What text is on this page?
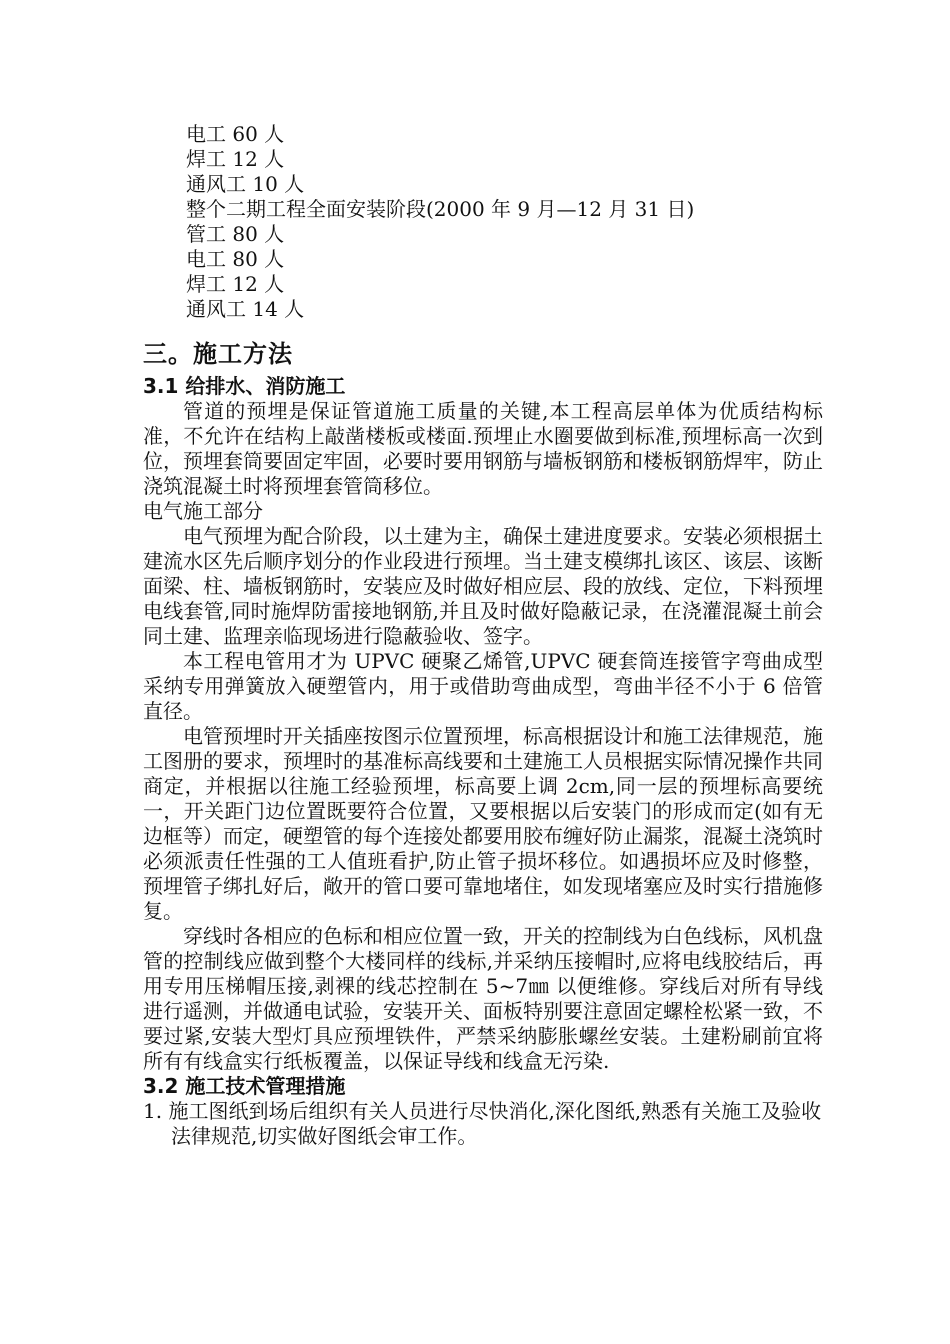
电工 60 人
焊工 12 人
通风工 10 人
整个二期工程全面安装阶段(2000 年 9 月—12 月 31 日)
管工 80 人
电工 80 人
焊工 12 人
通风工 14 人
三。施工方法
3.1 给排水、消防施工

管道的预埋是保证管道施工质量的关键,本工程高层单体为优质结构标准，不允许在结构上敲凿楼板或楼面.预埋止水圈要做到标准,预埋标高一次到位，预埋套筒要固定牢固，必要时要用钢筋与墙板钢筋和楼板钢筋焊牢，防止浇筑混凝土时将预埋套管筒移位。

电气施工部分

电气预埋为配合阶段，以土建为主，确保土建进度要求。安装必须根据土建流水区先后顺序划分的作业段进行预埋。当土建支模绑扎该区、该层、该断面梁、柱、墙板钢筋时，安装应及时做好相应层、段的放线、定位，下料预埋电线套管,同时施焊防雷接地钢筋,并且及时做好隐蔽记录，在浇灌混凝土前会同土建、监理亲临现场进行隐蔽验收、签字。

本工程电管用才为 UPVC 硬聚乙烯管,UPVC 硬套筒连接管字弯曲成型采纳专用弹簧放入硬塑管内，用于或借助弯曲成型，弯曲半径不小于 6 倍管直径。

电管预埋时开关插座按图示位置预埋，标高根据设计和施工法律规范，施工图册的要求，预埋时的基准标高线要和土建施工人员根据实际情况操作共同商定，并根据以往施工经验预埋，标高要上调 2cm,同一层的预埋标高要统一，开关距门边位置既要符合位置，又要根据以后安装门的形成而定(如有无边框等）而定，硬塑管的每个连接处都要用胶布缠好防止漏浆，混凝土浇筑时必须派责任性强的工人值班看护,防止管子损坏移位。如遇损坏应及时修整，预埋管子绑扎好后，敞开的管口要可靠地堵住，如发现堵塞应及时实行措施修复。

穿线时各相应的色标和相应位置一致，开关的控制线为白色线标，风机盘管的控制线应做到整个大楼同样的线标,并采纳压接帽时,应将电线胶结后，再用专用压梯帽压接,剥裸的线芯控制在 5~7㎜ 以便维修。穿线后对所有导线进行遥测，并做通电试验，安装开关、面板特别要注意固定螺栓松紧一致，不要过紧,安装大型灯具应预埋铁件，严禁采纳膨胀螺丝安装。土建粉刷前宜将所有有线盒实行纸板覆盖，以保证导线和线盒无污染.

3.2 施工技术管理措施

1. 施工图纸到场后组织有关人员进行尽快消化,深化图纸,熟悉有关施工及验收法律规范,切实做好图纸会审工作。
